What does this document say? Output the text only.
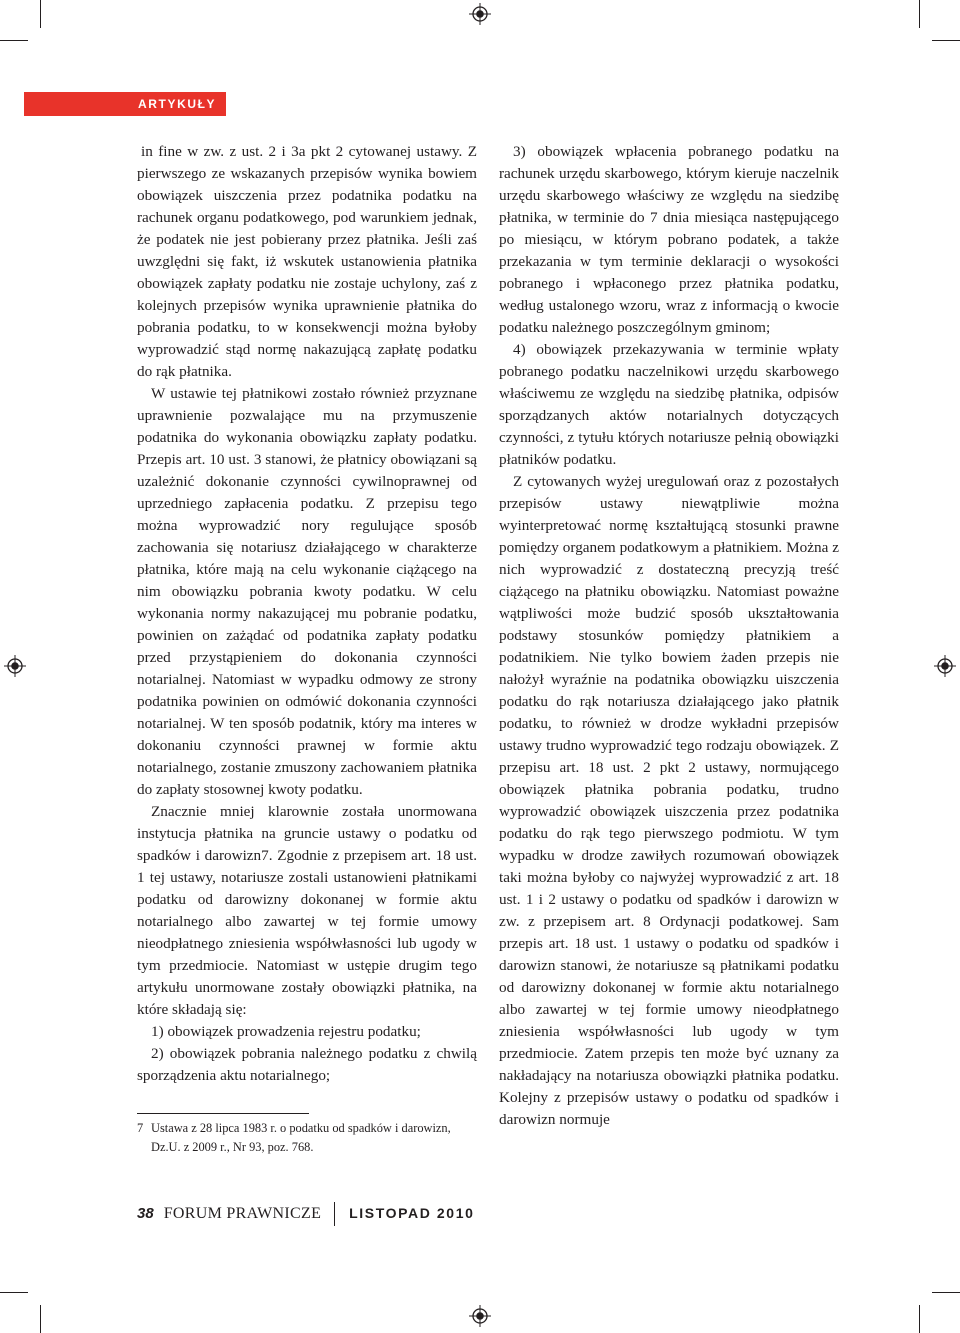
ARTYKUŁY

in fine w zw. z ust. 2 i 3a pkt 2 cytowanej ustawy. Z pierwszego ze wskazanych przepisów wynika bowiem obowiązek uiszczenia przez podatnika podatku na rachunek organu podatkowego, pod warunkiem jednak, że podatek nie jest pobierany przez płatnika. Jeśli zaś uwzględni się fakt, iż wskutek ustanowienia płatnika obowiązek zapłaty podatku nie zostaje uchylony, zaś z kolejnych przepisów wynika uprawnienie płatnika do pobrania podatku, to w konsekwencji można byłoby wyprowadzić stąd normę nakazującą zapłatę podatku do rąk płatnika.

W ustawie tej płatnikowi zostało również przyznane uprawnienie pozwalające mu na przymuszenie podatnika do wykonania obowiązku zapłaty podatku. Przepis art. 10 ust. 3 stanowi, że płatnicy obowiązani są uzależnić dokonanie czynności cywilnoprawnej od uprzedniego zapłacenia podatku. Z przepisu tego można wyprowadzić nory regulujące sposób zachowania się notariusz działającego w charakterze płatnika, które mają na celu wykonanie ciążącego na nim obowiązku pobrania kwoty podatku. W celu wykonania normy nakazującej mu pobranie podatku, powinien on zażądać od podatnika zapłaty podatku przed przystąpieniem do dokonania czynności notarialnej. Natomiast w wypadku odmowy ze strony podatnika powinien on odmówić dokonania czynności notarialnej. W ten sposób podatnik, który ma interes w dokonaniu czynności prawnej w formie aktu notarialnego, zostanie zmuszony zachowaniem płatnika do zapłaty stosownej kwoty podatku.

Znacznie mniej klarownie została unormowana instytucja płatnika na gruncie ustawy o podatku od spadków i darowizn7. Zgodnie z przepisem art. 18 ust. 1 tej ustawy, notariusze zostali ustanowieni płatnikami podatku od darowizny dokonanej w formie aktu notarialnego albo zawartej w tej formie umowy nieodpłatnego zniesienia współwłasności lub ugody w tym przedmiocie. Natomiast w ustępie drugim tego artykułu unormowane zostały obowiązki płatnika, na które składają się:

1) obowiązek prowadzenia rejestru podatku;

2) obowiązek pobrania należnego podatku z chwilą sporządzenia aktu notarialnego;

3) obowiązek wpłacenia pobranego podatku na rachunek urzędu skarbowego, którym kieruje naczelnik urzędu skarbowego właściwy ze względu na siedzibę płatnika, w terminie do 7 dnia miesiąca następującego po miesiącu, w którym pobrano podatek, a także przekazania w tym terminie deklaracji o wysokości pobranego i wpłaconego przez płatnika podatku, według ustalonego wzoru, wraz z informacją o kwocie podatku należnego poszczególnym gminom;

4) obowiązek przekazywania w terminie wpłaty pobranego podatku naczelnikowi urzędu skarbowego właściwemu ze względu na siedzibę płatnika, odpisów sporządzanych aktów notarialnych dotyczących czynności, z tytułu których notariusze pełnią obowiązki płatników podatku.

Z cytowanych wyżej uregulowań oraz z pozostałych przepisów ustawy niewątpliwie można wyinterpretować normę kształtującą stosunki prawne pomiędzy organem podatkowym a płatnikiem. Można z nich wyprowadzić z dostateczną precyzją treść ciążącego na płatniku obowiązku. Natomiast poważne wątpliwości może budzić sposób ukształtowania podstawy stosunków pomiędzy płatnikiem a podatnikiem. Nie tylko bowiem żaden przepis nie nałożył wyraźnie na podatnika obowiązku uiszczenia podatku do rąk notariusza działającego jako płatnik podatku, to również w drodze wykładni przepisów ustawy trudno wyprowadzić tego rodzaju obowiązek. Z przepisu art. 18 ust. 2 pkt 2 ustawy, normującego obowiązek płatnika pobrania podatku, trudno wyprowadzić obowiązek uiszczenia przez podatnika podatku do rąk tego pierwszego podmiotu. W tym wypadku w drodze zawiłych rozumowań obowiązek taki można byłoby co najwyżej wyprowadzić z art. 18 ust. 1 i 2 ustawy o podatku od spadków i darowizn w zw. z przepisem art. 8 Ordynacji podatkowej. Sam przepis art. 18 ust. 1 ustawy o podatku od spadków i darowizn stanowi, że notariusze są płatnikami podatku od darowizny dokonanej w formie aktu notarialnego albo zawartej w tej formie umowy nieodpłatnego zniesienia współwłasności lub ugody w tym przedmiocie. Zatem przepis ten może być uznany za nakładający na notariusza obowiązki płatnika podatku. Kolejny z przepisów ustawy o podatku od spadków i darowizn normuje

7 Ustawa z 28 lipca 1983 r. o podatku od spadków i darowizn, Dz.U. z 2009 r., Nr 93, poz. 768.
38 FORUM PRAWNICZE LISTOPAD 2010
